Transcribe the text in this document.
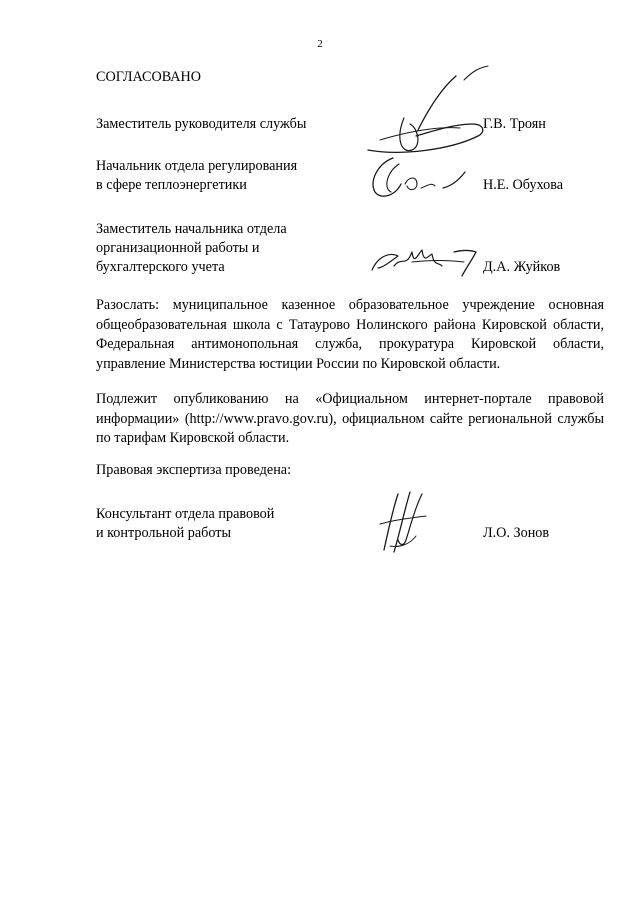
2
СОГЛАСОВАНО
Заместитель руководителя службы	Г.В. Троян
Начальник отдела регулирования
в сфере теплоэнергетики	Н.Е. Обухова
Заместитель начальника отдела
организационной работы и
бухгалтерского учета	Д.А. Жуйков

Разослать: муниципальное казенное образовательное учреждение основная общеобразовательная школа с Татаурово Нолинского района Кировской области, Федеральная антимонопольная служба, прокуратура Кировской области, управление Министерства юстиции России по Кировской области.

Подлежит опубликованию на «Официальном интернет-портале правовой информации» (http://www.pravo.gov.ru), официальном сайте региональной службы по тарифам Кировской области.

Правовая экспертиза проведена:
Консультант отдела правовой
и контрольной работы	Л.О. Зонов
